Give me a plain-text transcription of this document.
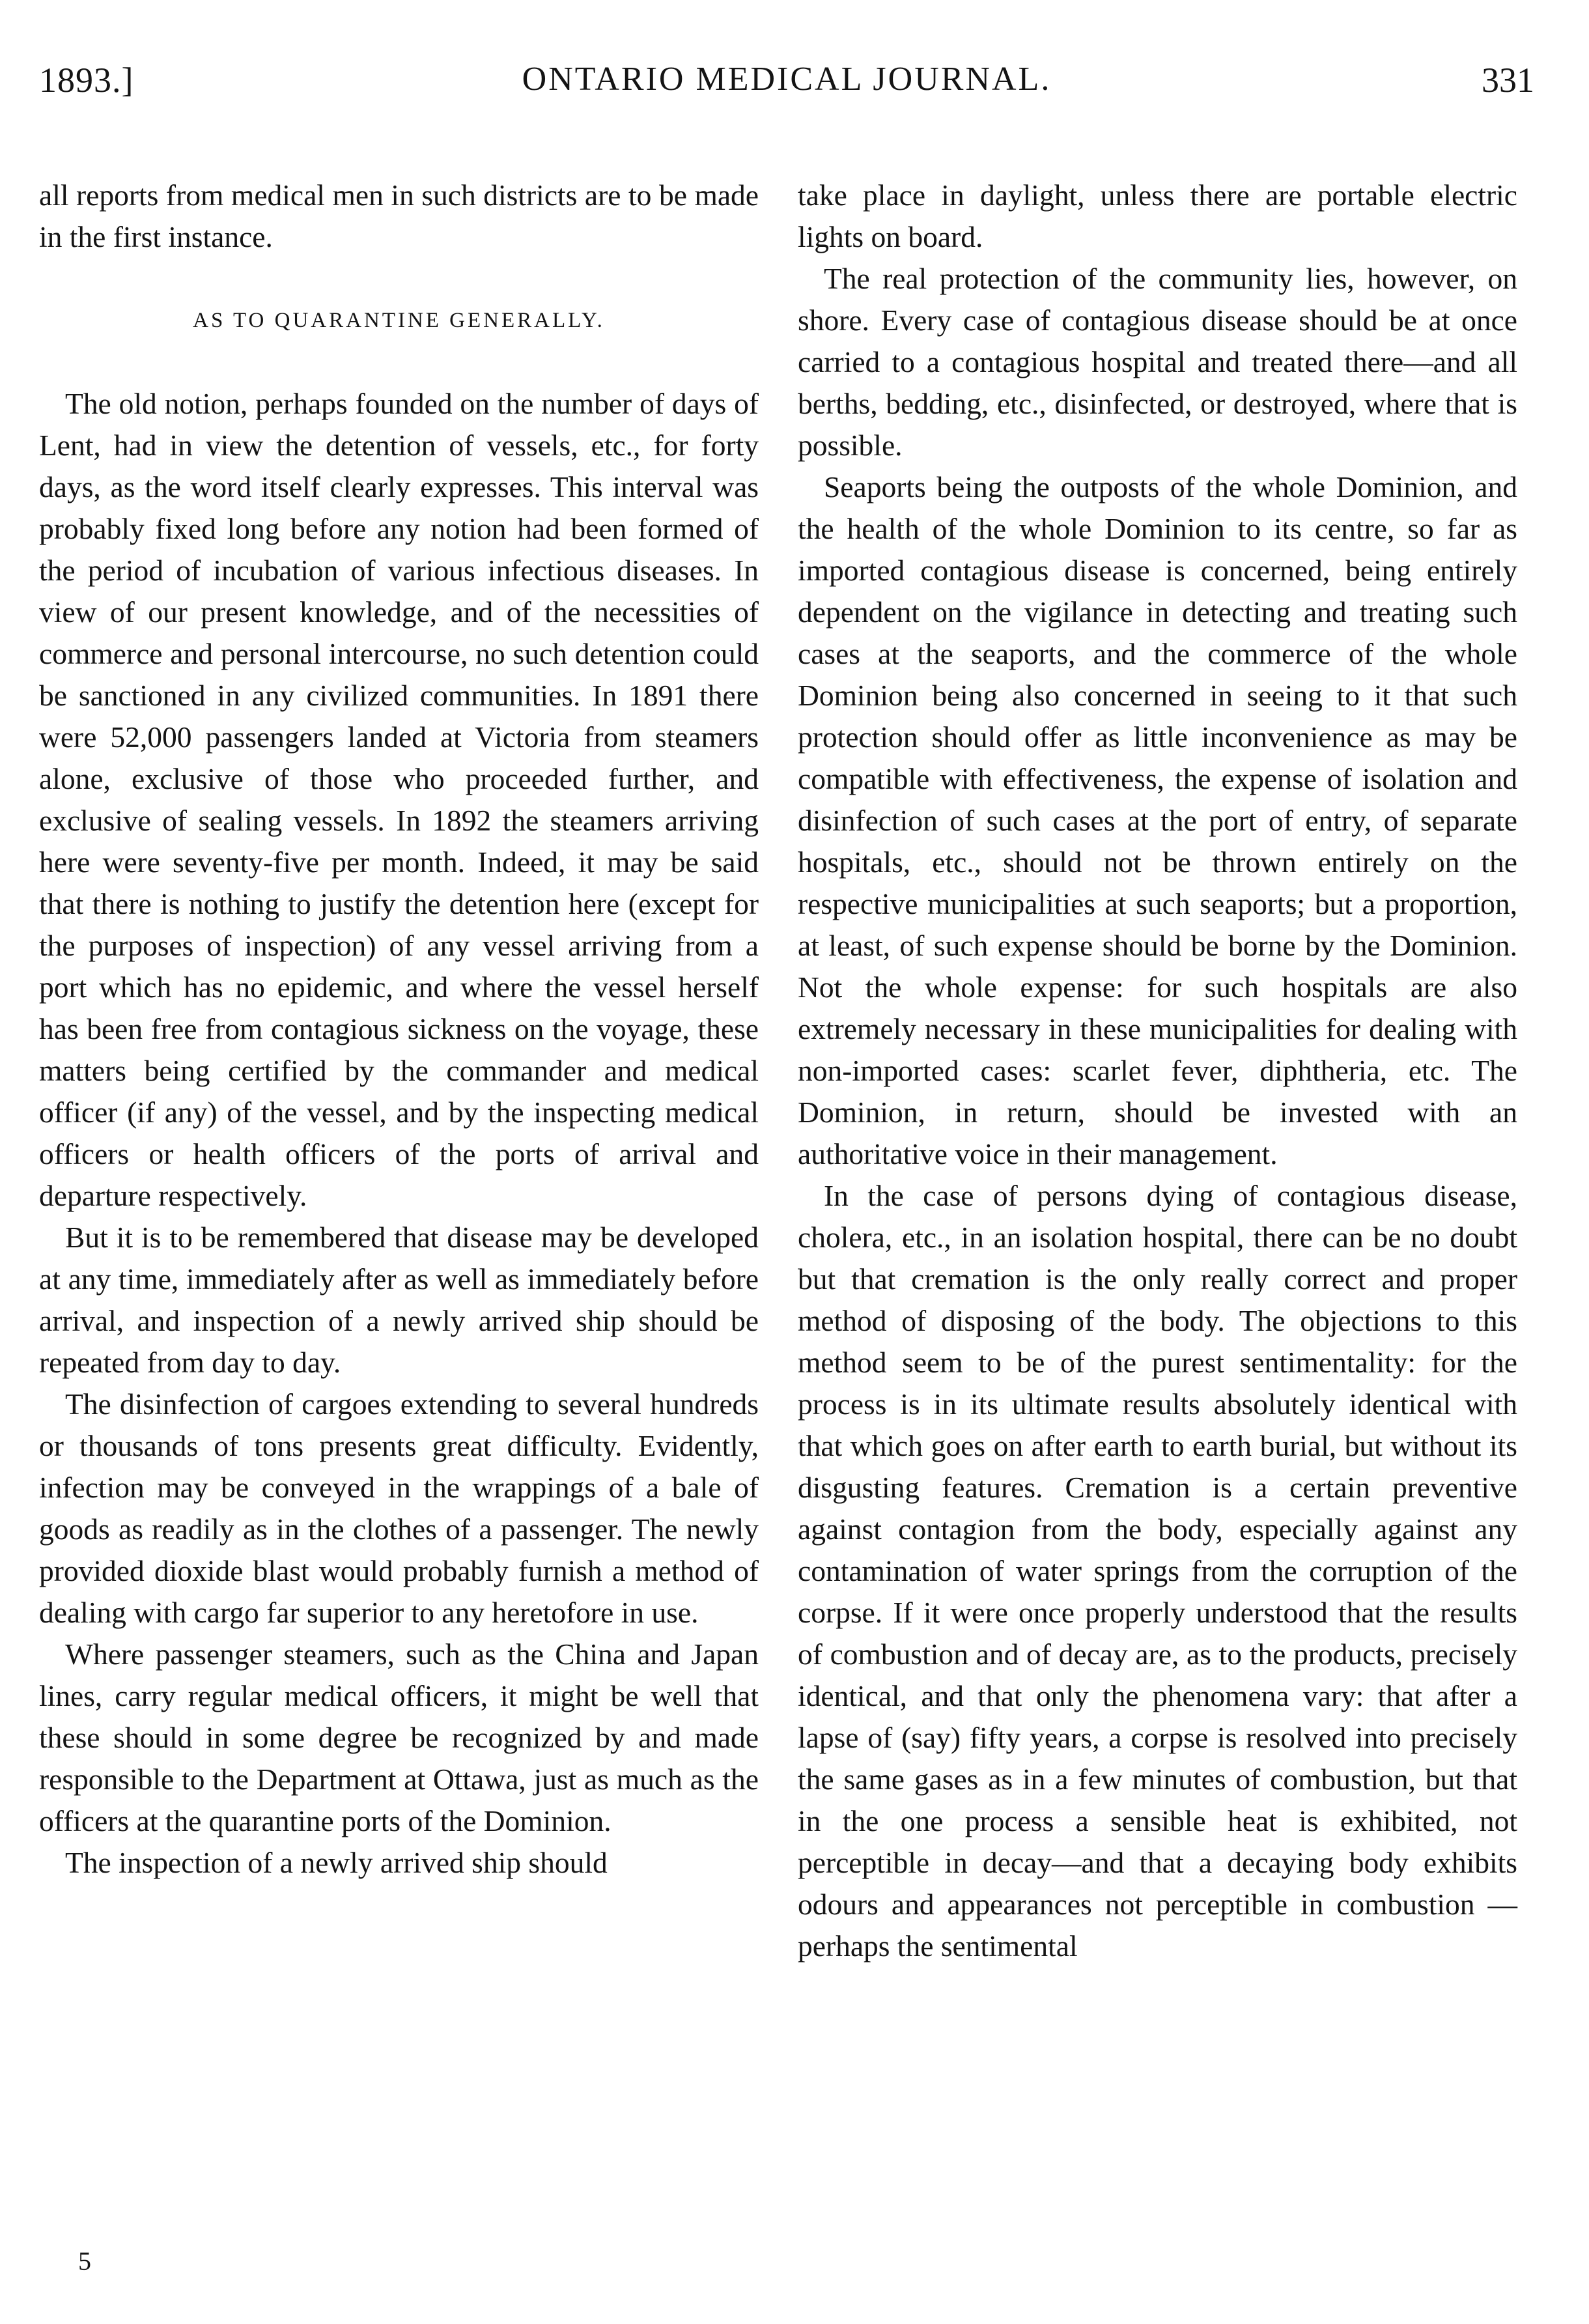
1893.]	ONTARIO MEDICAL JOURNAL.	331

all reports from medical men in such districts are to be made in the first instance.

AS TO QUARANTINE GENERALLY.

The old notion, perhaps founded on the number of days of Lent, had in view the detention of vessels, etc., for forty days, as the word itself clearly expresses. This interval was probably fixed long before any notion had been formed of the period of incubation of various infectious diseases. In view of our present knowledge, and of the necessities of commerce and personal intercourse, no such detention could be sanctioned in any civilized communities. In 1891 there were 52,000 passengers landed at Victoria from steamers alone, exclusive of those who proceeded further, and exclusive of sealing vessels. In 1892 the steamers arriving here were seventy-five per month. Indeed, it may be said that there is nothing to justify the detention here (except for the purposes of inspection) of any vessel arriving from a port which has no epidemic, and where the vessel herself has been free from contagious sickness on the voyage, these matters being certified by the commander and medical officer (if any) of the vessel, and by the inspecting medical officers or health officers of the ports of arrival and departure respectively.

But it is to be remembered that disease may be developed at any time, immediately after as well as immediately before arrival, and inspection of a newly arrived ship should be repeated from day to day.

The disinfection of cargoes extending to several hundreds or thousands of tons presents great difficulty. Evidently, infection may be conveyed in the wrappings of a bale of goods as readily as in the clothes of a passenger. The newly provided dioxide blast would probably furnish a method of dealing with cargo far superior to any heretofore in use.

Where passenger steamers, such as the China and Japan lines, carry regular medical officers, it might be well that these should in some degree be recognized by and made responsible to the Department at Ottawa, just as much as the officers at the quarantine ports of the Dominion.

The inspection of a newly arrived ship should

take place in daylight, unless there are portable electric lights on board.

The real protection of the community lies, however, on shore. Every case of contagious disease should be at once carried to a contagious hospital and treated there—and all berths, bedding, etc., disinfected, or destroyed, where that is possible.

Seaports being the outposts of the whole Dominion, and the health of the whole Dominion to its centre, so far as imported contagious disease is concerned, being entirely dependent on the vigilance in detecting and treating such cases at the seaports, and the commerce of the whole Dominion being also concerned in seeing to it that such protection should offer as little inconvenience as may be compatible with effectiveness, the expense of isolation and disinfection of such cases at the port of entry, of separate hospitals, etc., should not be thrown entirely on the respective municipalities at such seaports; but a proportion, at least, of such expense should be borne by the Dominion. Not the whole expense: for such hospitals are also extremely necessary in these municipalities for dealing with non-imported cases: scarlet fever, diphtheria, etc. The Dominion, in return, should be invested with an authoritative voice in their management.

In the case of persons dying of contagious disease, cholera, etc., in an isolation hospital, there can be no doubt but that cremation is the only really correct and proper method of disposing of the body. The objections to this method seem to be of the purest sentimentality: for the process is in its ultimate results absolutely identical with that which goes on after earth to earth burial, but without its disgusting features. Cremation is a certain preventive against contagion from the body, especially against any contamination of water springs from the corruption of the corpse. If it were once properly understood that the results of combustion and of decay are, as to the products, precisely identical, and that only the phenomena vary: that after a lapse of (say) fifty years, a corpse is resolved into precisely the same gases as in a few minutes of combustion, but that in the one process a sensible heat is exhibited, not perceptible in decay—and that a decaying body exhibits odours and appearances not perceptible in combustion — perhaps the sentimental

5
